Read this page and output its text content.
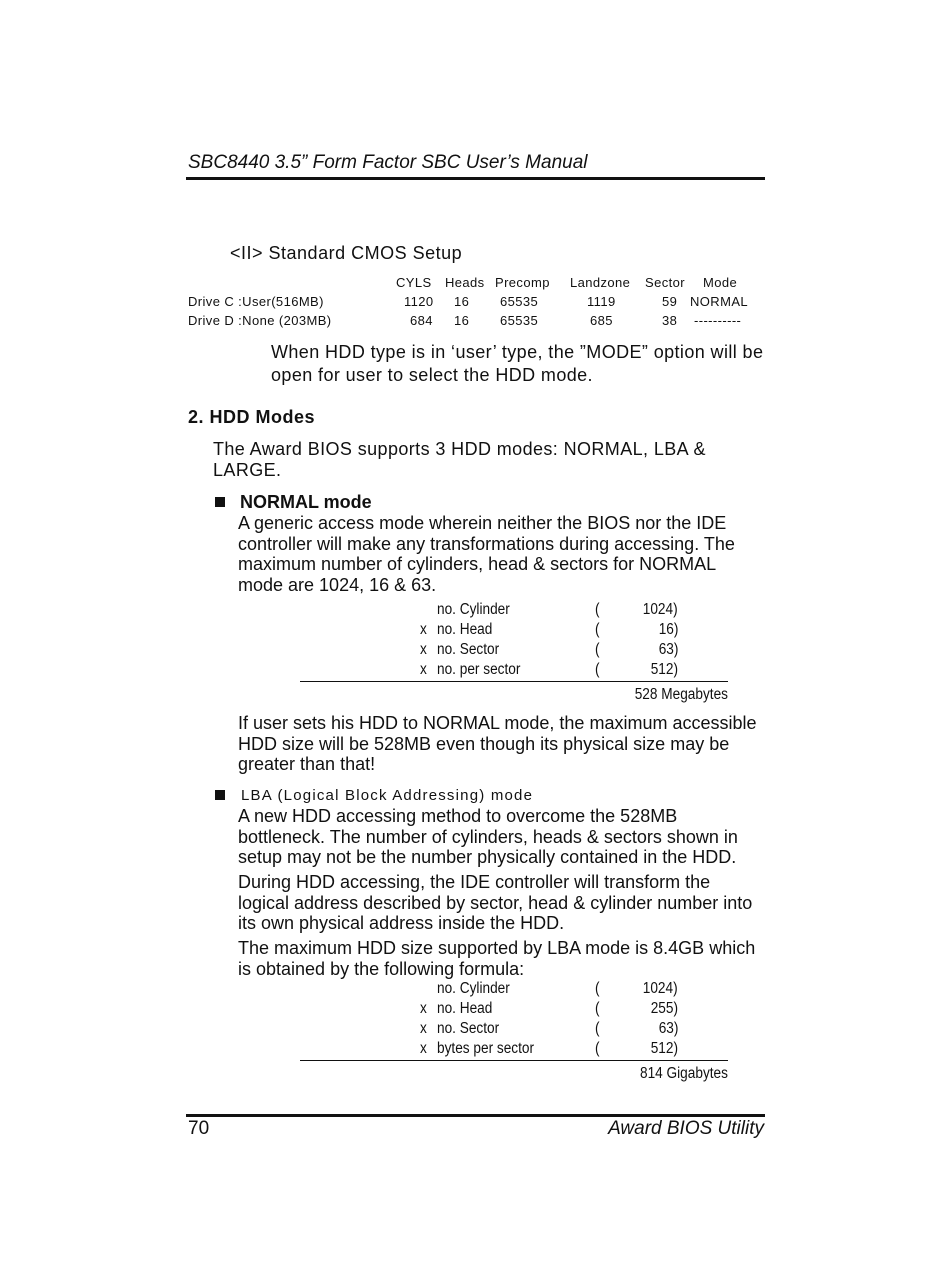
SBC8440 3.5” Form Factor SBC User’s Manual
<II> Standard CMOS Setup
CYLS Heads Precomp Landzone Sector Mode
Drive C :User(516MB)	1120 16 65535	1119	59 NORMAL
Drive D :None (203MB)	684 16 65535	685	38 ----------
When HDD type is in ‘user’ type, the ”MODE” option will be open for user to select the HDD mode.
2. HDD Modes
The Award BIOS supports 3 HDD modes: NORMAL, LBA & LARGE.
NORMAL mode
A generic access mode wherein neither the BIOS nor the IDE controller will make any transformations during accessing. The maximum number of cylinders, head & sectors for NORMAL mode are 1024, 16 & 63.
no. Cylinder	(	1024)
x no. Head	(	16)
x no. Sector	(	63)
x no. per sector	(	512)
528 Megabytes
If user sets his HDD to NORMAL mode, the maximum accessible HDD size will be 528MB even though its physical size may be greater than that!
LBA (Logical Block Addressing) mode
A new HDD accessing method to overcome the 528MB bottleneck. The number of cylinders, heads & sectors shown in setup may not be the number physically contained in the HDD.
During HDD accessing, the IDE controller will transform the logical address described by sector, head & cylinder number into its own physical address inside the HDD.
The maximum HDD size supported by LBA mode is 8.4GB which is obtained by the following formula:
no. Cylinder	(	1024)
x no. Head	(	255)
x no. Sector	(	63)
x bytes per sector	(	512)
814 Gigabytes
70	Award BIOS Utility
